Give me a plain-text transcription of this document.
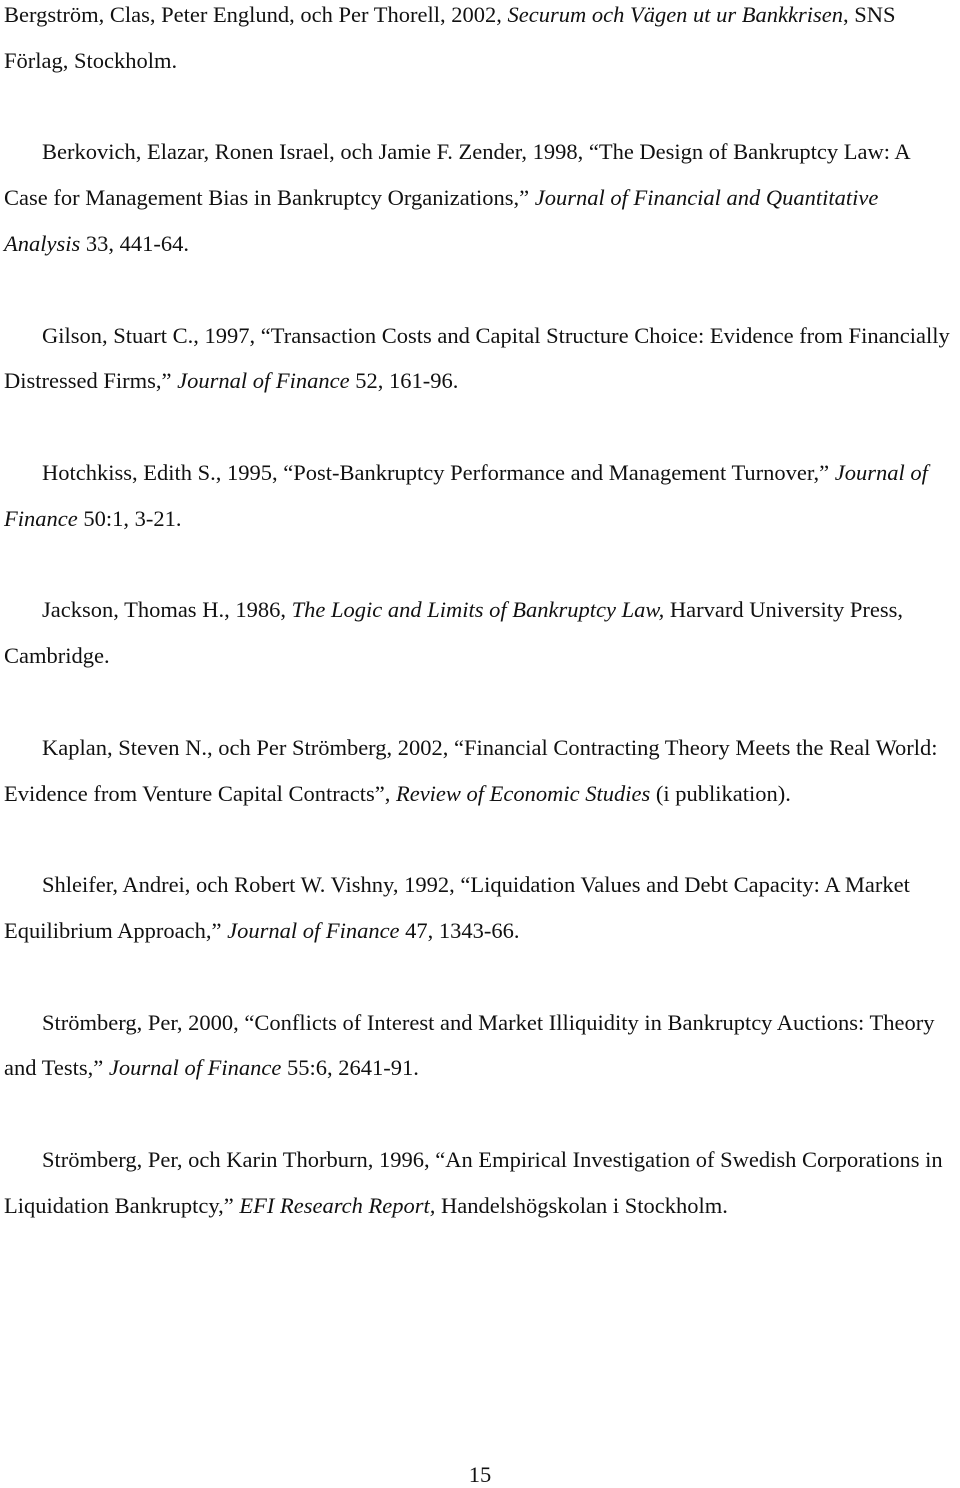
Bergström, Clas, Peter Englund, och Per Thorell, 2002, Securum och Vägen ut ur Bankkrisen, SNS Förlag, Stockholm.

Berkovich, Elazar, Ronen Israel, och Jamie F. Zender, 1998, “The Design of Bankruptcy Law: A Case for Management Bias in Bankruptcy Organizations,” Journal of Financial and Quantitative Analysis 33, 441-64.

Gilson, Stuart C., 1997, “Transaction Costs and Capital Structure Choice: Evidence from Financially Distressed Firms,” Journal of Finance 52, 161-96.

Hotchkiss, Edith S., 1995, “Post-Bankruptcy Performance and Management Turnover,” Journal of Finance 50:1, 3-21.

Jackson, Thomas H., 1986, The Logic and Limits of Bankruptcy Law, Harvard University Press, Cambridge.

Kaplan, Steven N., och Per Strömberg, 2002, “Financial Contracting Theory Meets the Real World: Evidence from Venture Capital Contracts”, Review of Economic Studies (i publikation).

Shleifer, Andrei, och Robert W. Vishny, 1992, “Liquidation Values and Debt Capacity: A Market Equilibrium Approach,” Journal of Finance 47, 1343-66.

Strömberg, Per, 2000, “Conflicts of Interest and Market Illiquidity in Bankruptcy Auctions: Theory and Tests,” Journal of Finance 55:6, 2641-91.

Strömberg, Per, och Karin Thorburn, 1996, “An Empirical Investigation of Swedish Corporations in Liquidation Bankruptcy,” EFI Research Report, Handelshögskolan i Stockholm.

15
